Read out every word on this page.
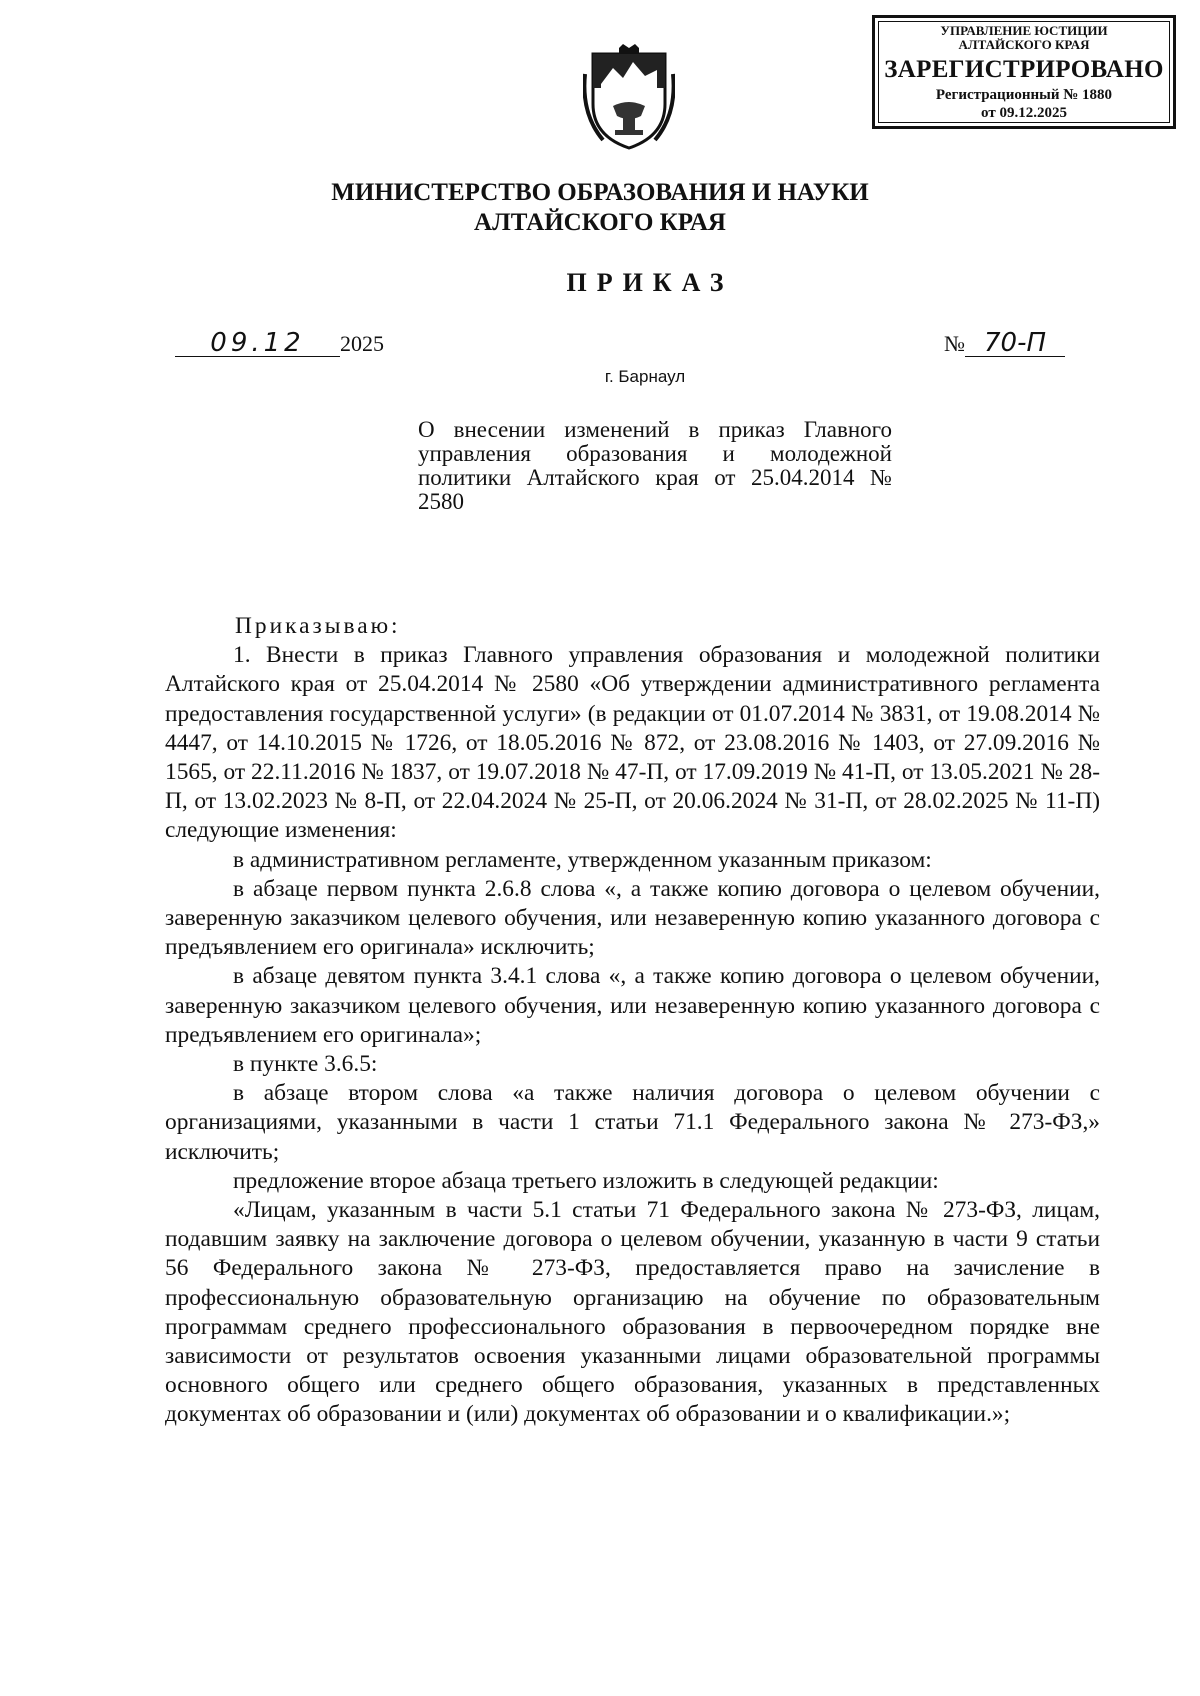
УПРАВЛЕНИЕ ЮСТИЦИИ
АЛТАЙСКОГО КРАЯ
ЗАРЕГИСТРИРОВАНО
Регистрационный № 1880
от 09.12.2025
МИНИСТЕРСТВО ОБРАЗОВАНИЯ И НАУКИ
АЛТАЙСКОГО КРАЯ
ПРИКАЗ
09.12 2025	№ 70-П
г. Барнаул
О внесении изменений в приказ Главного управления образования и молодежной политики Алтайского края от 25.04.2014 № 2580

Приказываю:

1. Внести в приказ Главного управления образования и молодежной политики Алтайского края от 25.04.2014 № 2580 «Об утверждении административного регламента предоставления государственной услуги» (в редакции от 01.07.2014 № 3831, от 19.08.2014 № 4447, от 14.10.2015 № 1726, от 18.05.2016 № 872, от 23.08.2016 № 1403, от 27.09.2016 № 1565, от 22.11.2016 № 1837, от 19.07.2018 № 47-П, от 17.09.2019 № 41-П, от 13.05.2021 № 28-П, от 13.02.2023 № 8-П, от 22.04.2024 № 25-П, от 20.06.2024 № 31-П, от 28.02.2025 № 11-П) следующие изменения:

в административном регламенте, утвержденном указанным приказом:

в абзаце первом пункта 2.6.8 слова «, а также копию договора о целевом обучении, заверенную заказчиком целевого обучения, или незаверенную копию указанного договора с предъявлением его оригинала» исключить;

в абзаце девятом пункта 3.4.1 слова «, а также копию договора о целевом обучении, заверенную заказчиком целевого обучения, или незаверенную копию указанного договора с предъявлением его оригинала»;

в пункте 3.6.5:

в абзаце втором слова «а также наличия договора о целевом обучении с организациями, указанными в части 1 статьи 71.1 Федерального закона № 273-ФЗ,» исключить;

предложение второе абзаца третьего изложить в следующей редакции:

«Лицам, указанным в части 5.1 статьи 71 Федерального закона № 273-ФЗ, лицам, подавшим заявку на заключение договора о целевом обучении, указанную в части 9 статьи 56 Федерального закона № 273-ФЗ, предоставляется право на зачисление в профессиональную образовательную организацию на обучение по образовательным программам среднего профессионального образования в первоочередном порядке вне зависимости от результатов освоения указанными лицами образовательной программы основного общего или среднего общего образования, указанных в представленных документах об образовании и (или) документах об образовании и о квалификации.»;
